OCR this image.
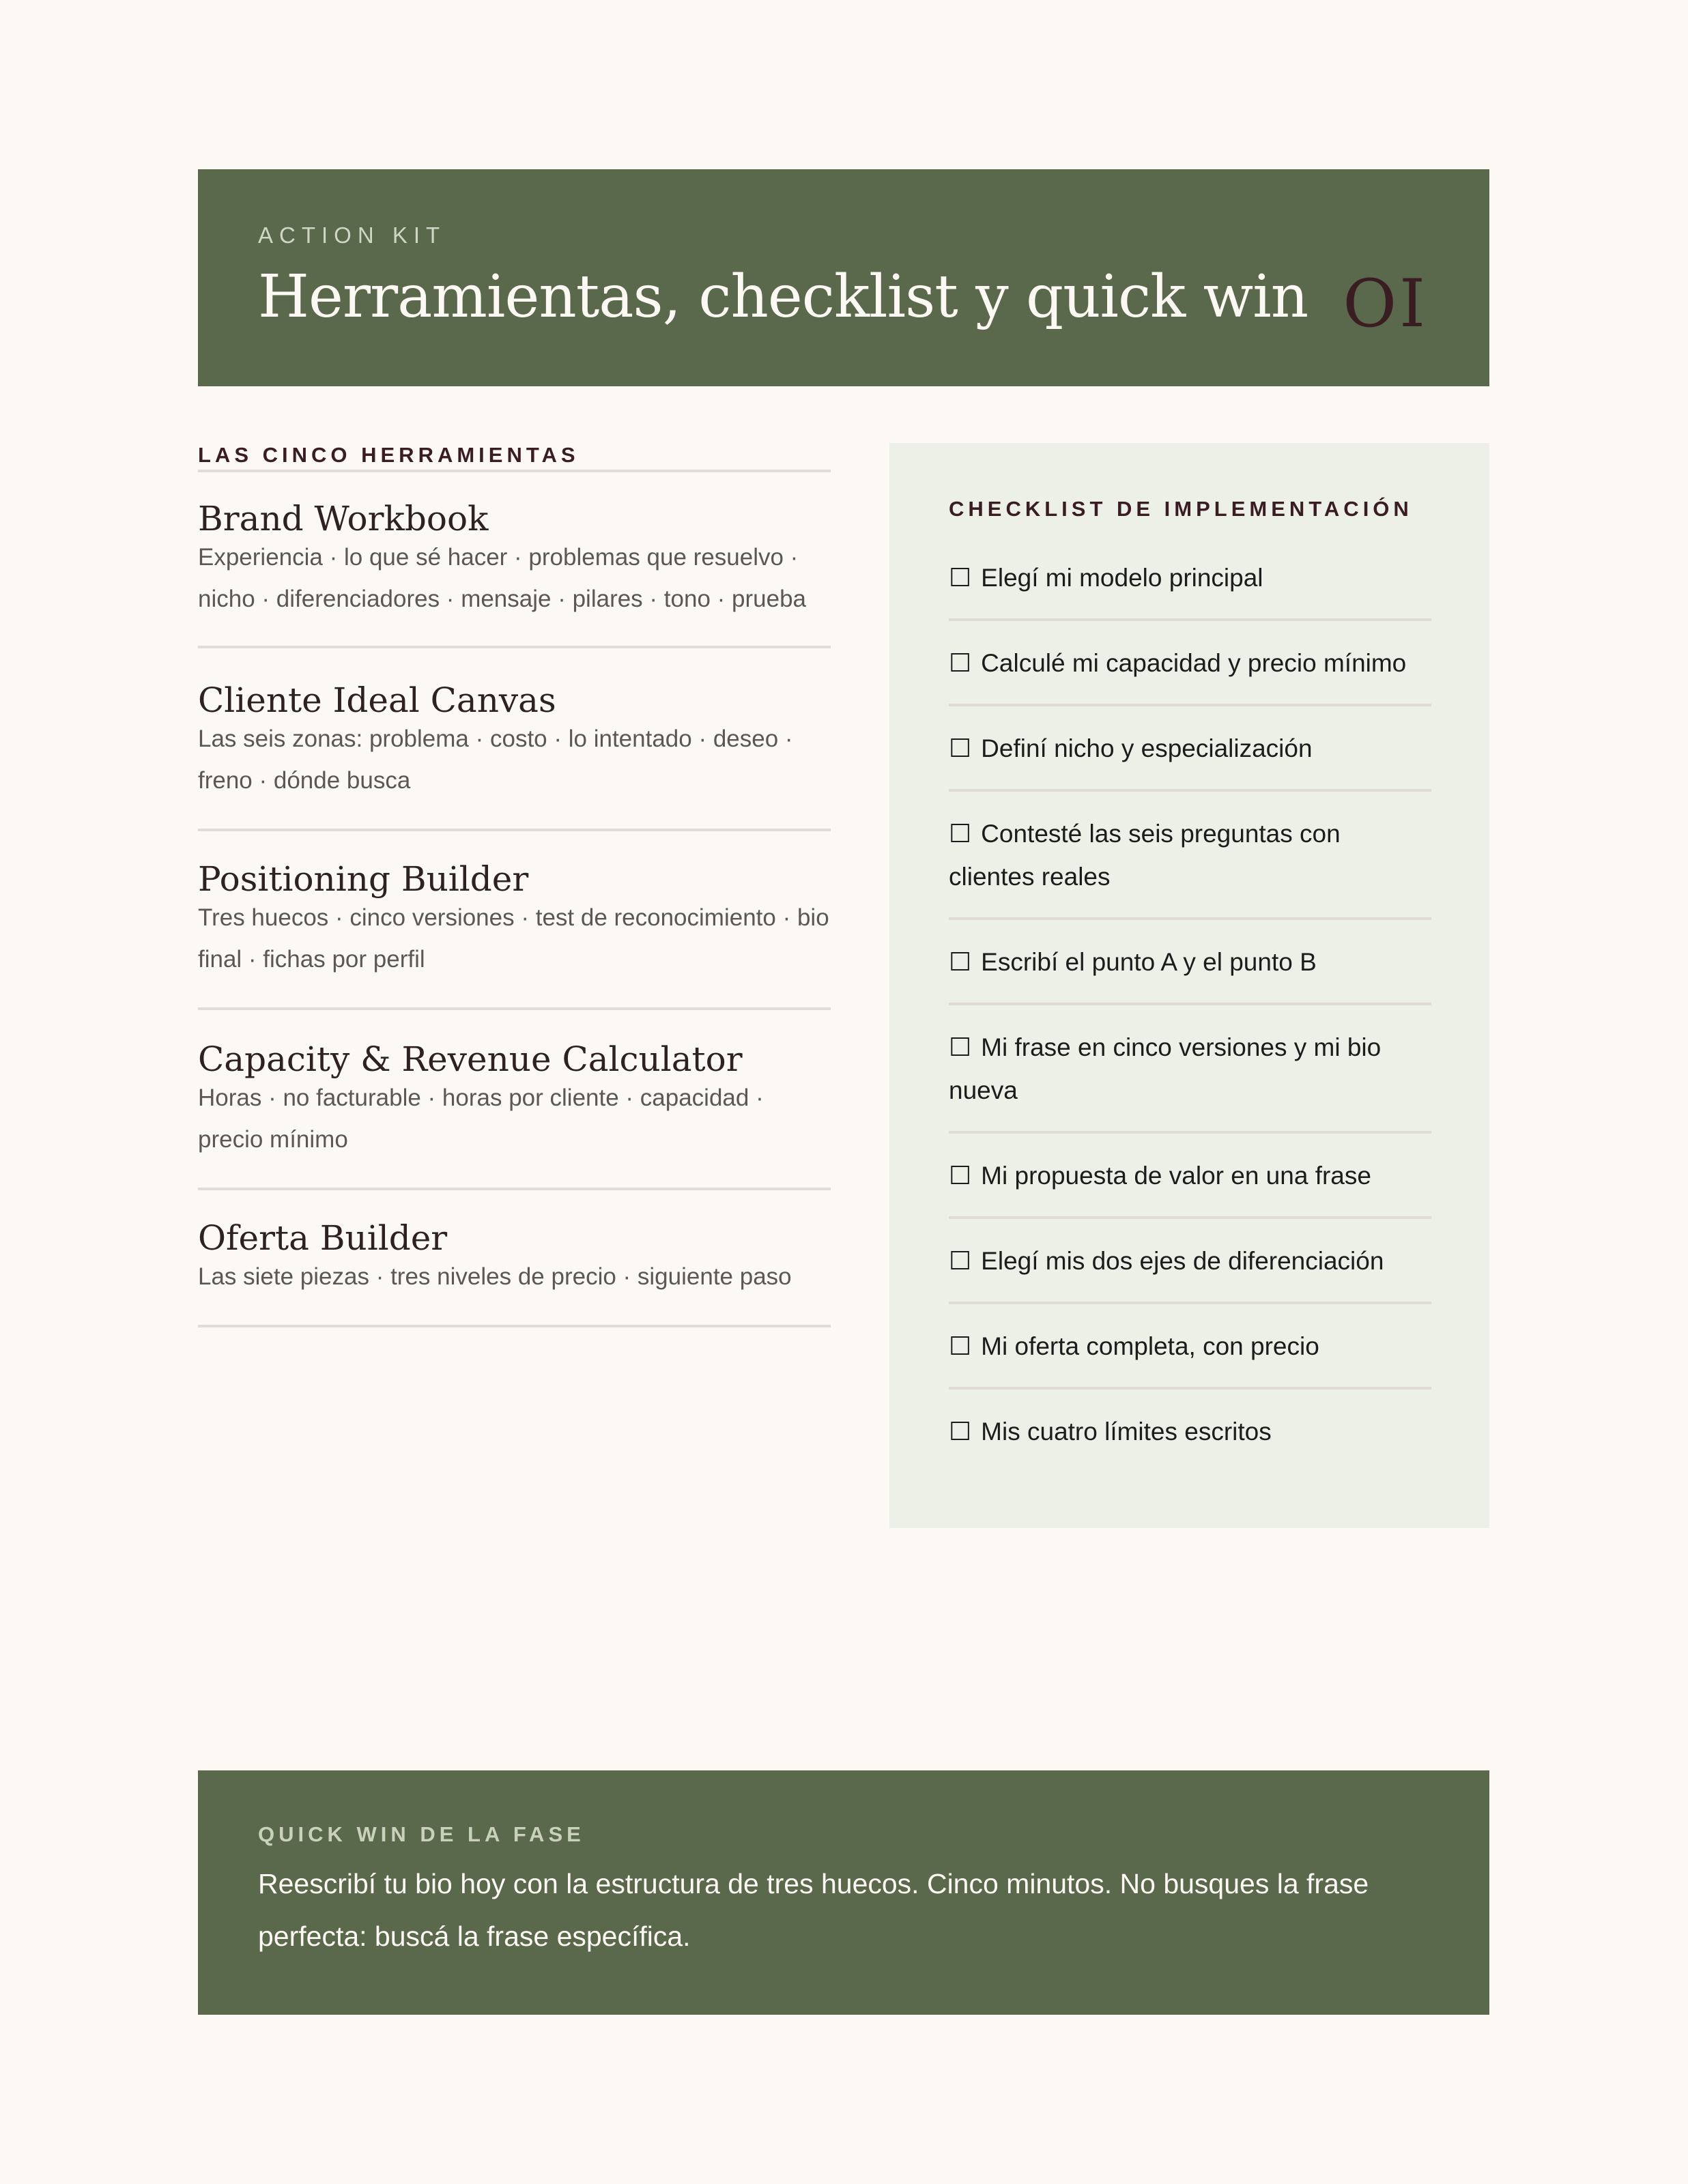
ACTION KIT
Herramientas, checklist y quick win OI
LAS CINCO HERRAMIENTAS
Brand Workbook
Experiencia · lo que sé hacer · problemas que resuelvo · nicho · diferenciadores · mensaje · pilares · tono · prueba
Cliente Ideal Canvas
Las seis zonas: problema · costo · lo intentado · deseo · freno · dónde busca
Positioning Builder
Tres huecos · cinco versiones · test de reconocimiento · bio final · fichas por perfil
Capacity & Revenue Calculator
Horas · no facturable · horas por cliente · capacidad · precio mínimo
Oferta Builder
Las siete piezas · tres niveles de precio · siguiente paso
CHECKLIST DE IMPLEMENTACIÓN
☐ Elegí mi modelo principal
☐ Calculé mi capacidad y precio mínimo
☐ Definí nicho y especialización
☐ Contesté las seis preguntas con clientes reales
☐ Escribí el punto A y el punto B
☐ Mi frase en cinco versiones y mi bio nueva
☐ Mi propuesta de valor en una frase
☐ Elegí mis dos ejes de diferenciación
☐ Mi oferta completa, con precio
☐ Mis cuatro límites escritos
QUICK WIN DE LA FASE
Reescribí tu bio hoy con la estructura de tres huecos. Cinco minutos. No busques la frase perfecta: buscá la frase específica.
